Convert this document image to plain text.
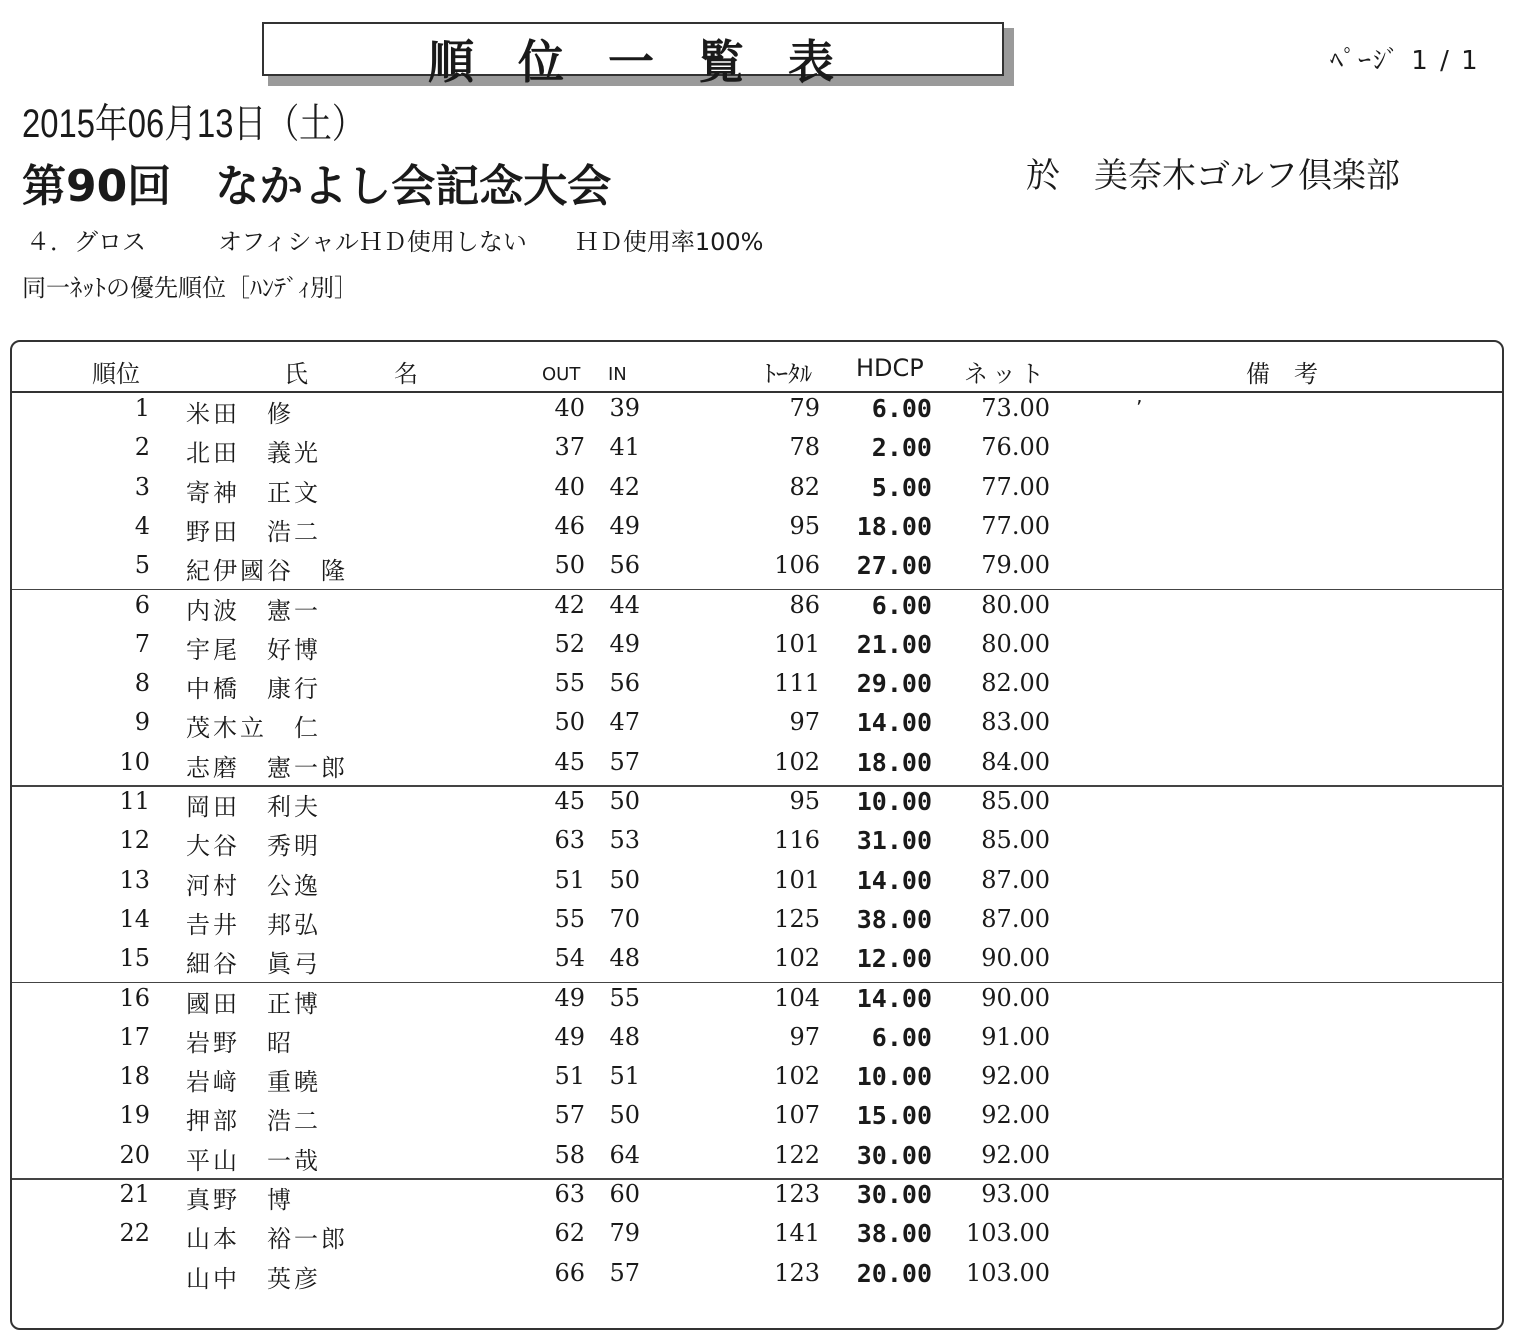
順位一覧表	ﾍﾟｰｼﾞ 1 / 1
2015年06月13日（土）
第90回　なかよし会記念大会	於　美奈木ゴルフ倶楽部
４．グロス　　　オフィシャルＨＤ使用しない　　ＨＤ使用率100%
同一ﾈｯﾄの優先順位［ﾊﾝﾃﾞｨ別］
順位	氏	名	OUT IN	ﾄｰﾀﾙ HDCP ネット	備　考
’
1 米田　修	40 39	79 6.00 73.00
2 北田　義光	37 41	78 2.00 76.00
3 寄神　正文	40 42	82 5.00 77.00
4 野田　浩二	46 49	95 18.00 77.00
5 紀伊國谷　隆	50 56	106 27.00 79.00
6 内波　憲一	42 44	86 6.00 80.00
7 宇尾　好博	52 49	101 21.00 80.00
8 中橋　康行	55 56	111 29.00 82.00
9 茂木立　仁	50 47	97 14.00 83.00
10 志磨　憲一郎	45 57	102 18.00 84.00
11 岡田　利夫	45 50	95 10.00 85.00
12 大谷　秀明	63 53	116 31.00 85.00
13 河村　公逸	51 50	101 14.00 87.00
14 𠮷井　邦弘	55 70	125 38.00 87.00
15 細谷　眞弓	54 48	102 12.00 90.00
16 國田　正博	49 55	104 14.00 90.00
17 岩野　昭	49 48	97 6.00 91.00
18 岩﨑　重曉	51 51	102 10.00 92.00
19 押部　浩二	57 50	107 15.00 92.00
20 平山　一哉	58 64	122 30.00 92.00
21 真野　博	63 60	123 30.00 93.00
22 山本　裕一郎	62 79	141 38.00 103.00
山中　英彦	66 57	123 20.00 103.00
